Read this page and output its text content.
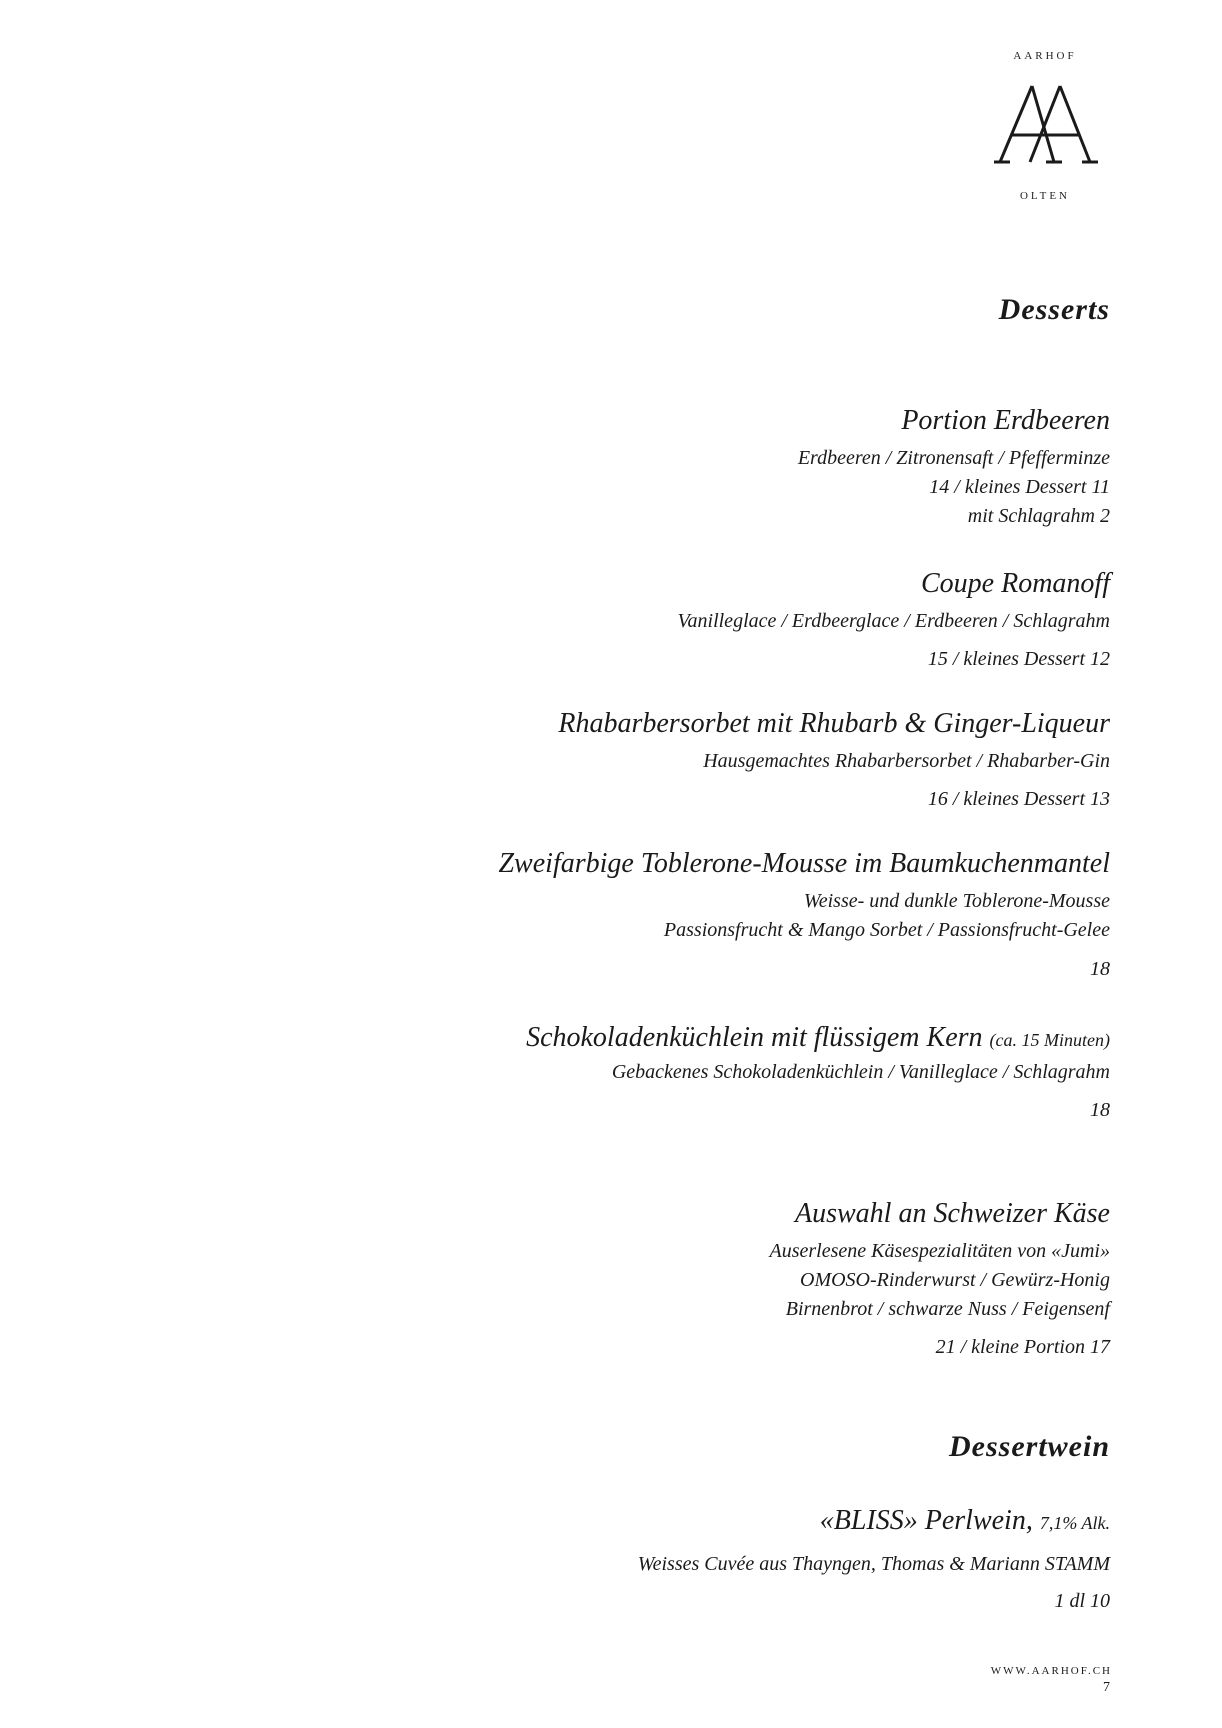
AARHOF
OLTEN
Desserts
Portion Erdbeeren
Erdbeeren / Zitronensaft / Pfefferminze
14 / kleines Dessert 11
mit Schlagrahm 2
Coupe Romanoff
Vanilleglace / Erdbeerglace / Erdbeeren / Schlagrahm
15 / kleines Dessert 12
Rhabarbersorbet mit Rhubarb & Ginger-Liqueur
Hausgemachtes Rhabarbersorbet / Rhabarber-Gin
16 / kleines Dessert 13
Zweifarbige Toblerone-Mousse im Baumkuchenmantel
Weisse- und dunkle Toblerone-Mousse
Passionsfrucht & Mango Sorbet / Passionsfrucht-Gelee
18
Schokoladenküchlein mit flüssigem Kern (ca. 15 Minuten)
Gebackenes Schokoladenküchlein / Vanilleglace / Schlagrahm
18
Auswahl an Schweizer Käse
Auserlesene Käsespezialitäten von «Jumi»
OMOSO-Rinderwurst / Gewürz-Honig
Birnenbrot / schwarze Nuss / Feigensenf
21 / kleine Portion 17
Dessertwein
«BLISS» Perlwein, 7,1% Alk.
Weisses Cuvée aus Thayngen, Thomas & Mariann STAMM
1 dl 10
WWW.AARHOF.CH
7
